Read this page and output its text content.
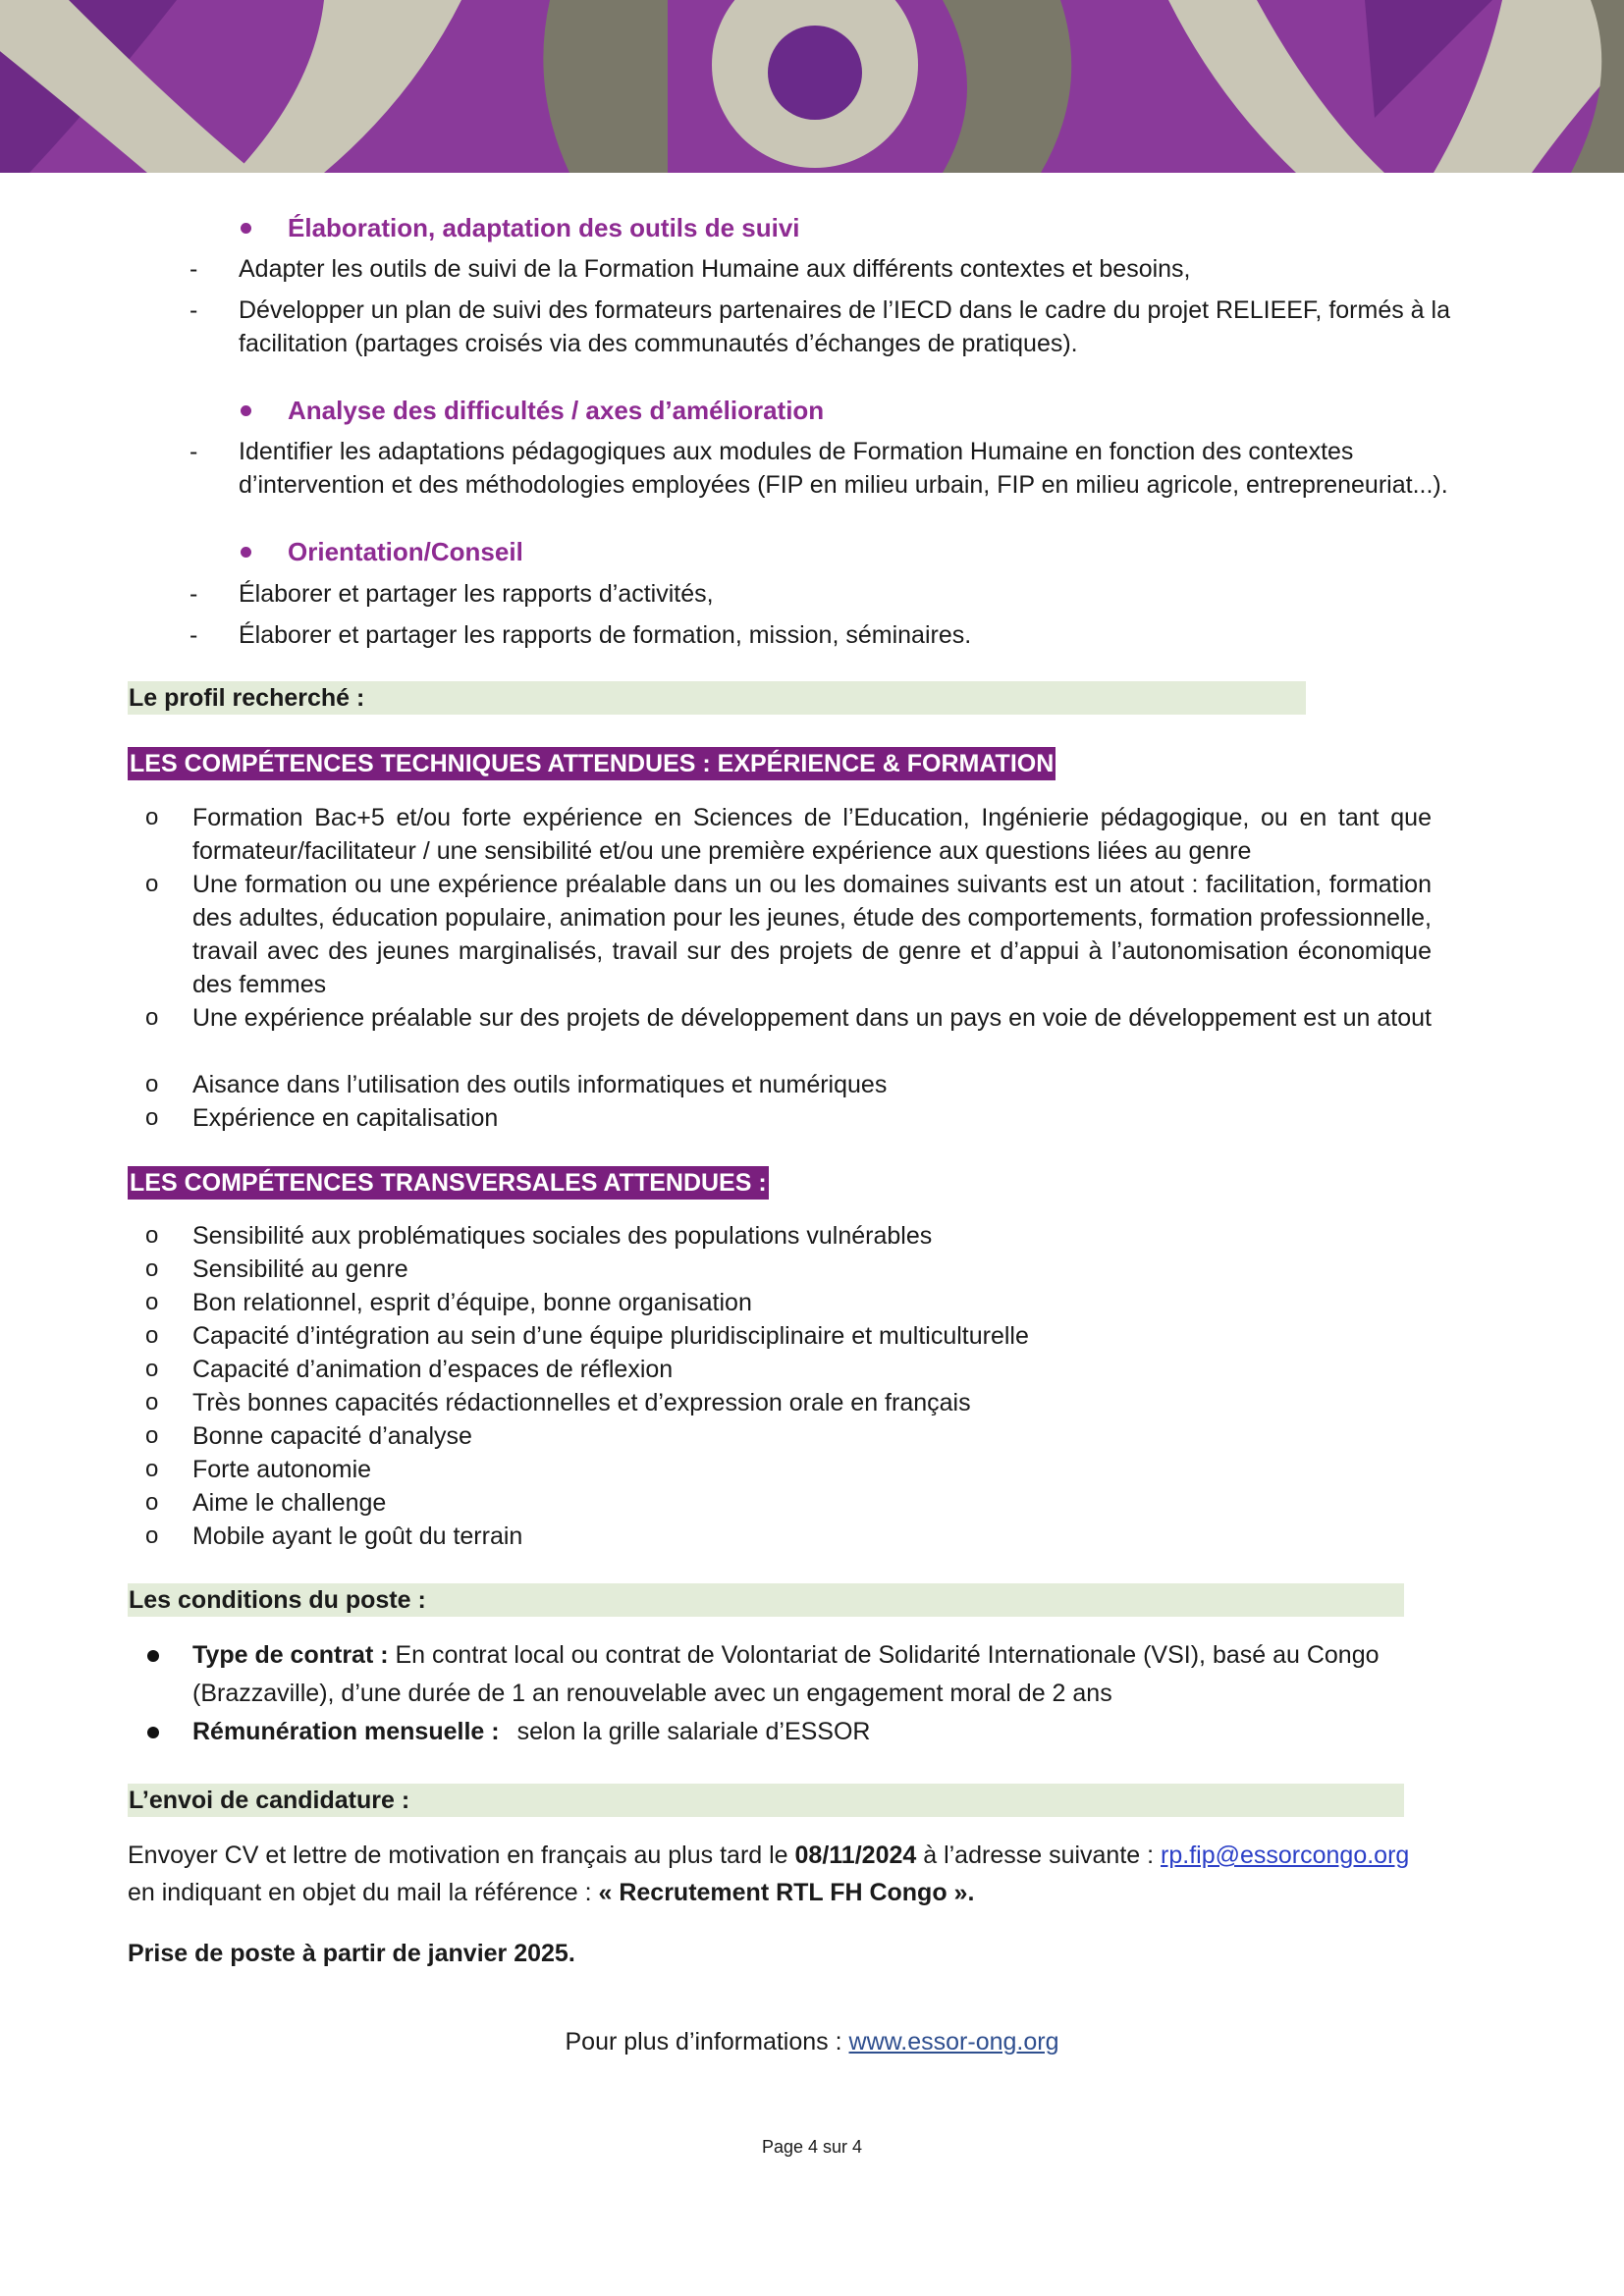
Élaboration, adaptation des outils de suivi
- Adapter les outils de suivi de la Formation Humaine aux différents contextes et besoins,
- Développer un plan de suivi des formateurs partenaires de l’IECD dans le cadre du projet RELIEEF, formés à la facilitation (partages croisés via des communautés d’échanges de pratiques).
Analyse des difficultés / axes d’amélioration
- Identifier les adaptations pédagogiques aux modules de Formation Humaine en fonction des contextes d’intervention et des méthodologies employées (FIP en milieu urbain, FIP en milieu agricole, entrepreneuriat...).
Orientation/Conseil
- Élaborer et partager les rapports d’activités,
- Élaborer et partager les rapports de formation, mission, séminaires.
Le profil recherché :
LES COMPÉTENCES TECHNIQUES ATTENDUES : EXPÉRIENCE & FORMATION
o Formation Bac+5 et/ou forte expérience en Sciences de l’Education, Ingénierie pédagogique, ou en tant que formateur/facilitateur / une sensibilité et/ou une première expérience aux questions liées au genre
o Une formation ou une expérience préalable dans un ou les domaines suivants est un atout : facilitation, formation des adultes, éducation populaire, animation pour les jeunes, étude des comportements, formation professionnelle, travail avec des jeunes marginalisés, travail sur des projets de genre et d’appui à l’autonomisation économique des femmes
o Une expérience préalable sur des projets de développement dans un pays en voie de développement est un atout
o Aisance dans l’utilisation des outils informatiques et numériques
o Expérience en capitalisation
LES COMPÉTENCES TRANSVERSALES ATTENDUES :
o Sensibilité aux problématiques sociales des populations vulnérables
o Sensibilité au genre
o Bon relationnel, esprit d’équipe, bonne organisation
o Capacité d’intégration au sein d’une équipe pluridisciplinaire et multiculturelle
o Capacité d’animation d’espaces de réflexion
o Très bonnes capacités rédactionnelles et d’expression orale en français
o Bonne capacité d’analyse
o Forte autonomie
o Aime le challenge
o Mobile ayant le goût du terrain
Les conditions du poste :
Type de contrat : En contrat local ou contrat de Volontariat de Solidarité Internationale (VSI), basé au Congo (Brazzaville), d’une durée de 1 an renouvelable avec un engagement moral de 2 ans
Rémunération mensuelle : selon la grille salariale d’ESSOR
L’envoi de candidature :
Envoyer CV et lettre de motivation en français au plus tard le 08/11/2024 à l’adresse suivante : rp.fip@essorcongo.org
en indiquant en objet du mail la référence : « Recrutement RTL FH Congo ».
Prise de poste à partir de janvier 2025.
Pour plus d’informations : www.essor-ong.org
Page 4 sur 4
